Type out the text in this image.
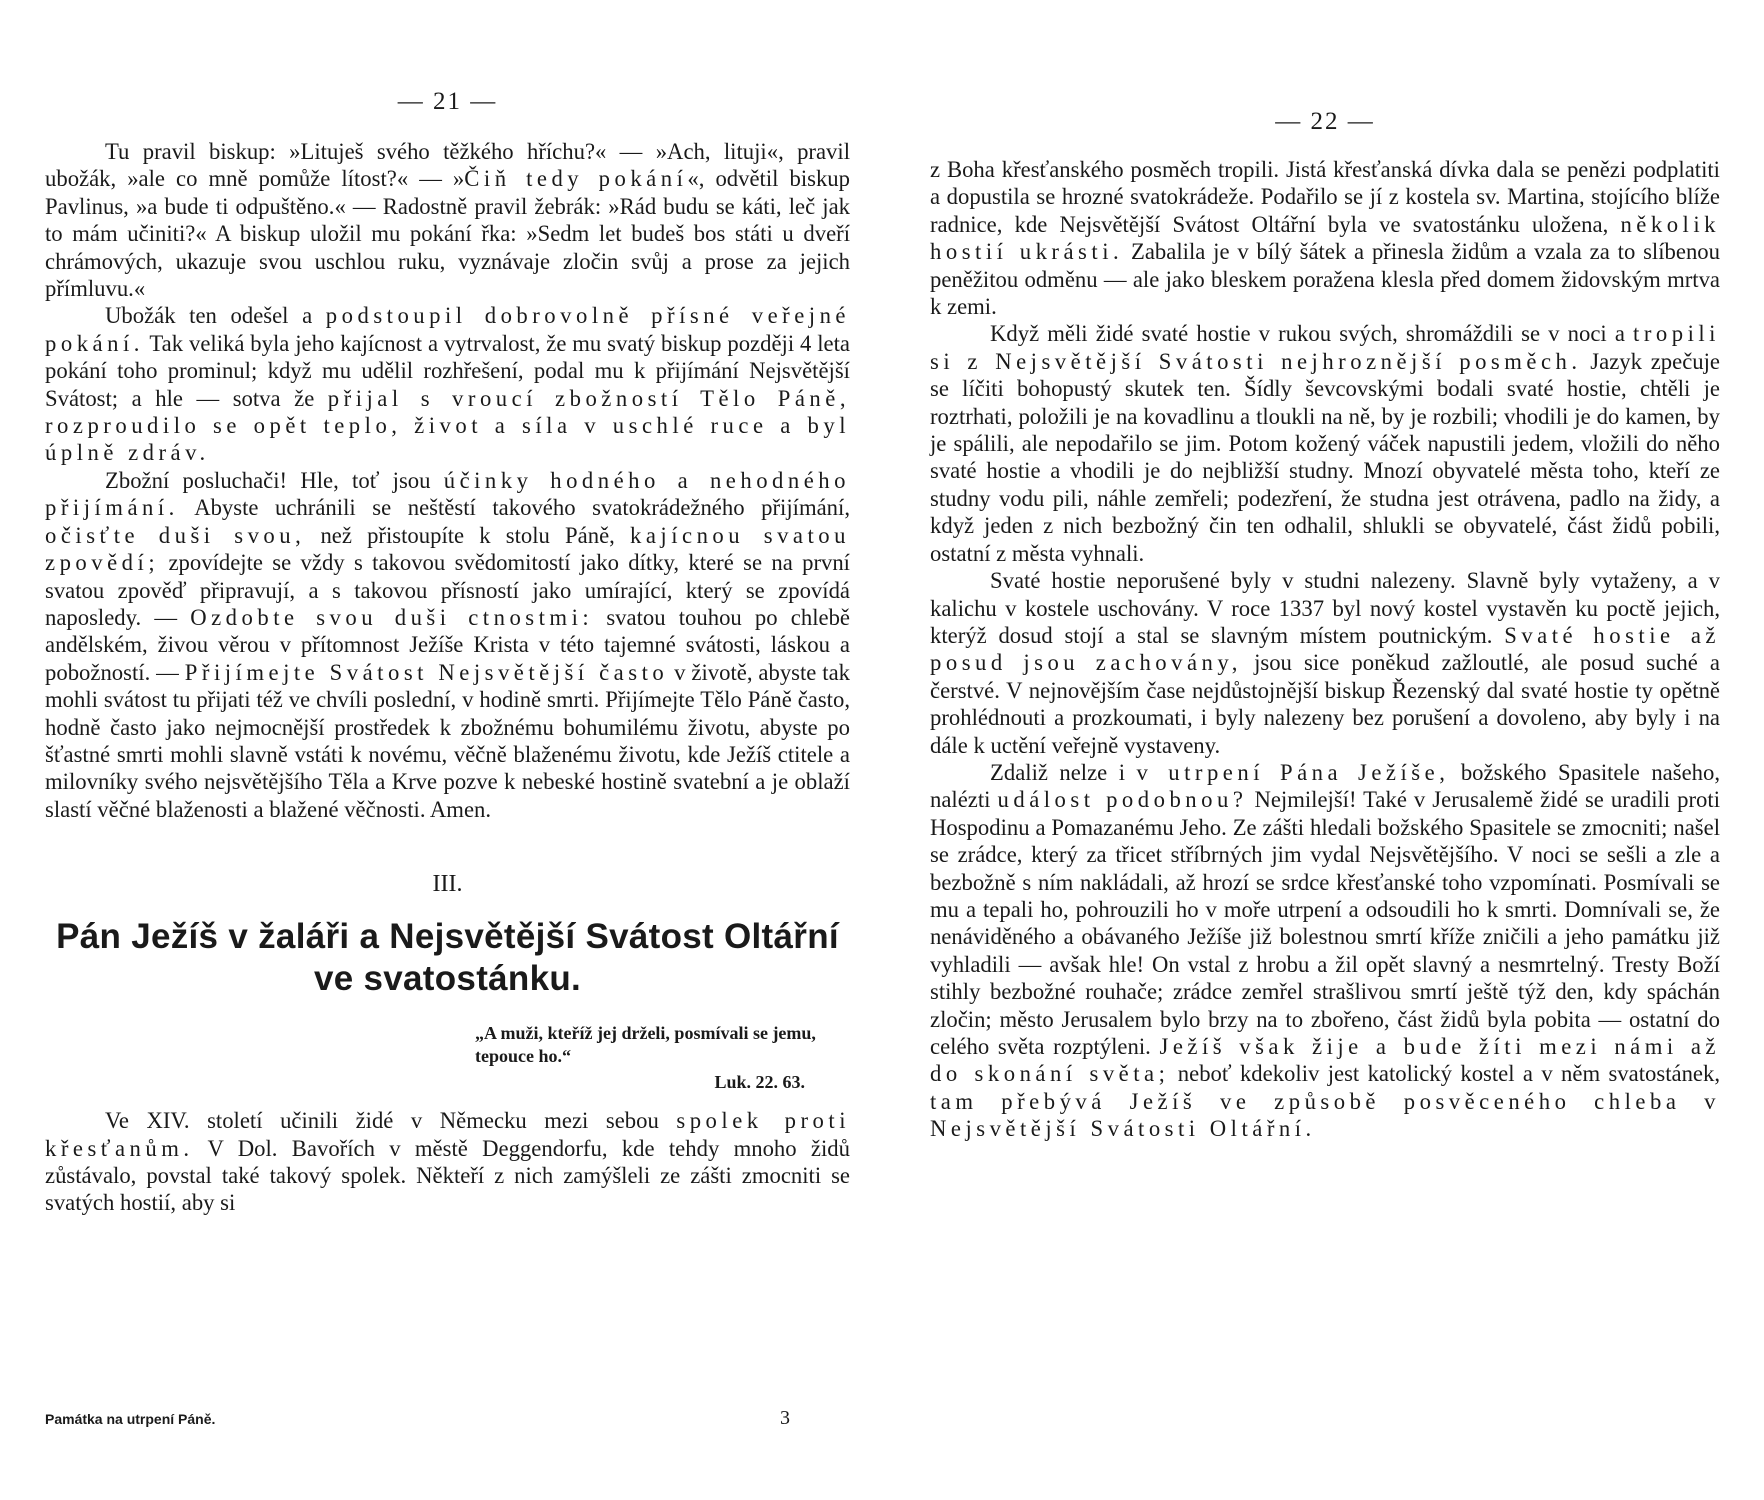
— 21 —

Tu pravil biskup: »Lituješ svého těžkého hříchu?« — »Ach, lituji«, pravil ubožák, »ale co mně pomůže lítost?« — »Čiň tedy pokání«, odvětil biskup Pavlinus, »a bude ti odpuštěno.« — Radostně pravil žebrák: »Rád budu se káti, leč jak to mám učiniti?« A biskup uložil mu pokání řka: »Sedm let budeš bos státi u dveří chrámových, ukazuje svou uschlou ruku, vyznávaje zločin svůj a prose za jejich přímluvu.«

Ubožák ten odešel a podstoupil dobrovolně přísné veřejné pokání. Tak veliká byla jeho kajícnost a vytrvalost, že mu svatý biskup později 4 leta pokání toho prominul; když mu udělil rozhřešení, podal mu k přijímání Nejsvětější Svátost; a hle — sotva že přijal s vroucí zbožností Tělo Páně, rozproudilo se opět teplo, život a síla v uschlé ruce a byl úplně zdráv.

Zbožní posluchači! Hle, toť jsou účinky hodného a nehodného přijímání. Abyste uchránili se neštěstí takového svatokrádežného přijímání, očisťte duši svou, než přistoupíte k stolu Páně, kajícnou svatou zpovědí; zpovídejte se vždy s takovou svědomitostí jako dítky, které se na první svatou zpověď připravují, a s takovou přísností jako umírající, který se zpovídá naposledy. — Ozdobte svou duši ctnostmi: svatou touhou po chlebě andělském, živou věrou v přítomnost Ježíše Krista v této tajemné svátosti, láskou a pobožností. — Přijímejte Svátost Nejsvětější často v životě, abyste tak mohli svátost tu přijati též ve chvíli poslední, v hodině smrti. Přijímejte Tělo Páně často, hodně často jako nejmocnější prostředek k zbožnému bohumilému životu, abyste po šťastné smrti mohli slavně vstáti k novému, věčně blaženému životu, kde Ježíš ctitele a milovníky svého nejsvětějšího Těla a Krve pozve k nebeské hostině svatební a je oblaží slastí věčné blaženosti a blažené věčnosti. Amen.

III.
Pán Ježíš v žaláři a Nejsvětější Svátost Oltářní ve svatostánku.

„A muži, kteříž jej drželi, posmívali se jemu, tepouce ho.“

Luk. 22. 63.

Ve XIV. století učinili židé v Německu mezi sebou spolek proti křesťanům. V Dol. Bavořích v městě Deggendorfu, kde tehdy mnoho židů zůstávalo, povstal také takový spolek. Někteří z nich zamýšleli ze zášti zmocniti se svatých hostií, aby si

Památka na utrpení Páně.	3
— 22 —

z Boha křesťanského posměch tropili. Jistá křesťanská dívka dala se penězi podplatiti a dopustila se hrozné svatokrádeže. Podařilo se jí z kostela sv. Martina, stojícího blíže radnice, kde Nejsvětější Svátost Oltářní byla ve svatostánku uložena, několik hostií ukrásti. Zabalila je v bílý šátek a přinesla židům a vzala za to slíbenou peněžitou odměnu — ale jako bleskem poražena klesla před domem židovským mrtva k zemi.

Když měli židé svaté hostie v rukou svých, shromáždili se v noci a tropili si z Nejsvětější Svátosti nejhroznější posměch. Jazyk zpečuje se líčiti bohopustý skutek ten. Šídly ševcovskými bodali svaté hostie, chtěli je roztrhati, položili je na kovadlinu a tloukli na ně, by je rozbili; vhodili je do kamen, by je spálili, ale nepodařilo se jim. Potom kožený váček napustili jedem, vložili do něho svaté hostie a vhodili je do nejbližší studny. Mnozí obyvatelé města toho, kteří ze studny vodu pili, náhle zemřeli; podezření, že studna jest otrávena, padlo na židy, a když jeden z nich bezbožný čin ten odhalil, shlukli se obyvatelé, část židů pobili, ostatní z města vyhnali.

Svaté hostie neporušené byly v studni nalezeny. Slavně byly vytaženy, a v kalichu v kostele uschovány. V roce 1337 byl nový kostel vystavěn ku poctě jejich, kterýž dosud stojí a stal se slavným místem poutnickým. Svaté hostie až posud jsou zachovány, jsou sice poněkud zažloutlé, ale posud suché a čerstvé. V nejnovějším čase nejdůstojnější biskup Řezenský dal svaté hostie ty opětně prohlédnouti a prozkoumati, i byly nalezeny bez porušení a dovoleno, aby byly i na dále k uctění veřejně vystaveny.

Zdaliž nelze i v utrpení Pána Ježíše, božského Spasitele našeho, nalézti událost podobnou? Nejmilejší! Také v Jerusalemě židé se uradili proti Hospodinu a Pomazanému Jeho. Ze zášti hledali božského Spasitele se zmocniti; našel se zrádce, který za třicet stříbrných jim vydal Nejsvětějšího. V noci se sešli a zle a bezbožně s ním nakládali, až hrozí se srdce křesťanské toho vzpomínati. Posmívali se mu a tepali ho, pohrouzili ho v moře utrpení a odsoudili ho k smrti. Domnívali se, že nenáviděného a obávaného Ježíše již bolestnou smrtí kříže zničili a jeho památku již vyhladili — avšak hle! On vstal z hrobu a žil opět slavný a nesmrtelný. Tresty Boží stihly bezbožné rouhače; zrádce zemřel strašlivou smrtí ještě týž den, kdy spáchán zločin; město Jerusalem bylo brzy na to zbořeno, část židů byla pobita — ostatní do celého světa rozptýleni. Ježíš však žije a bude žíti mezi námi až do skonání světa; neboť kdekoliv jest katolický kostel a v něm svatostánek, tam přebývá Ježíš ve způsobě posvěceného chleba v Nejsvětější Svátosti Oltářní.
